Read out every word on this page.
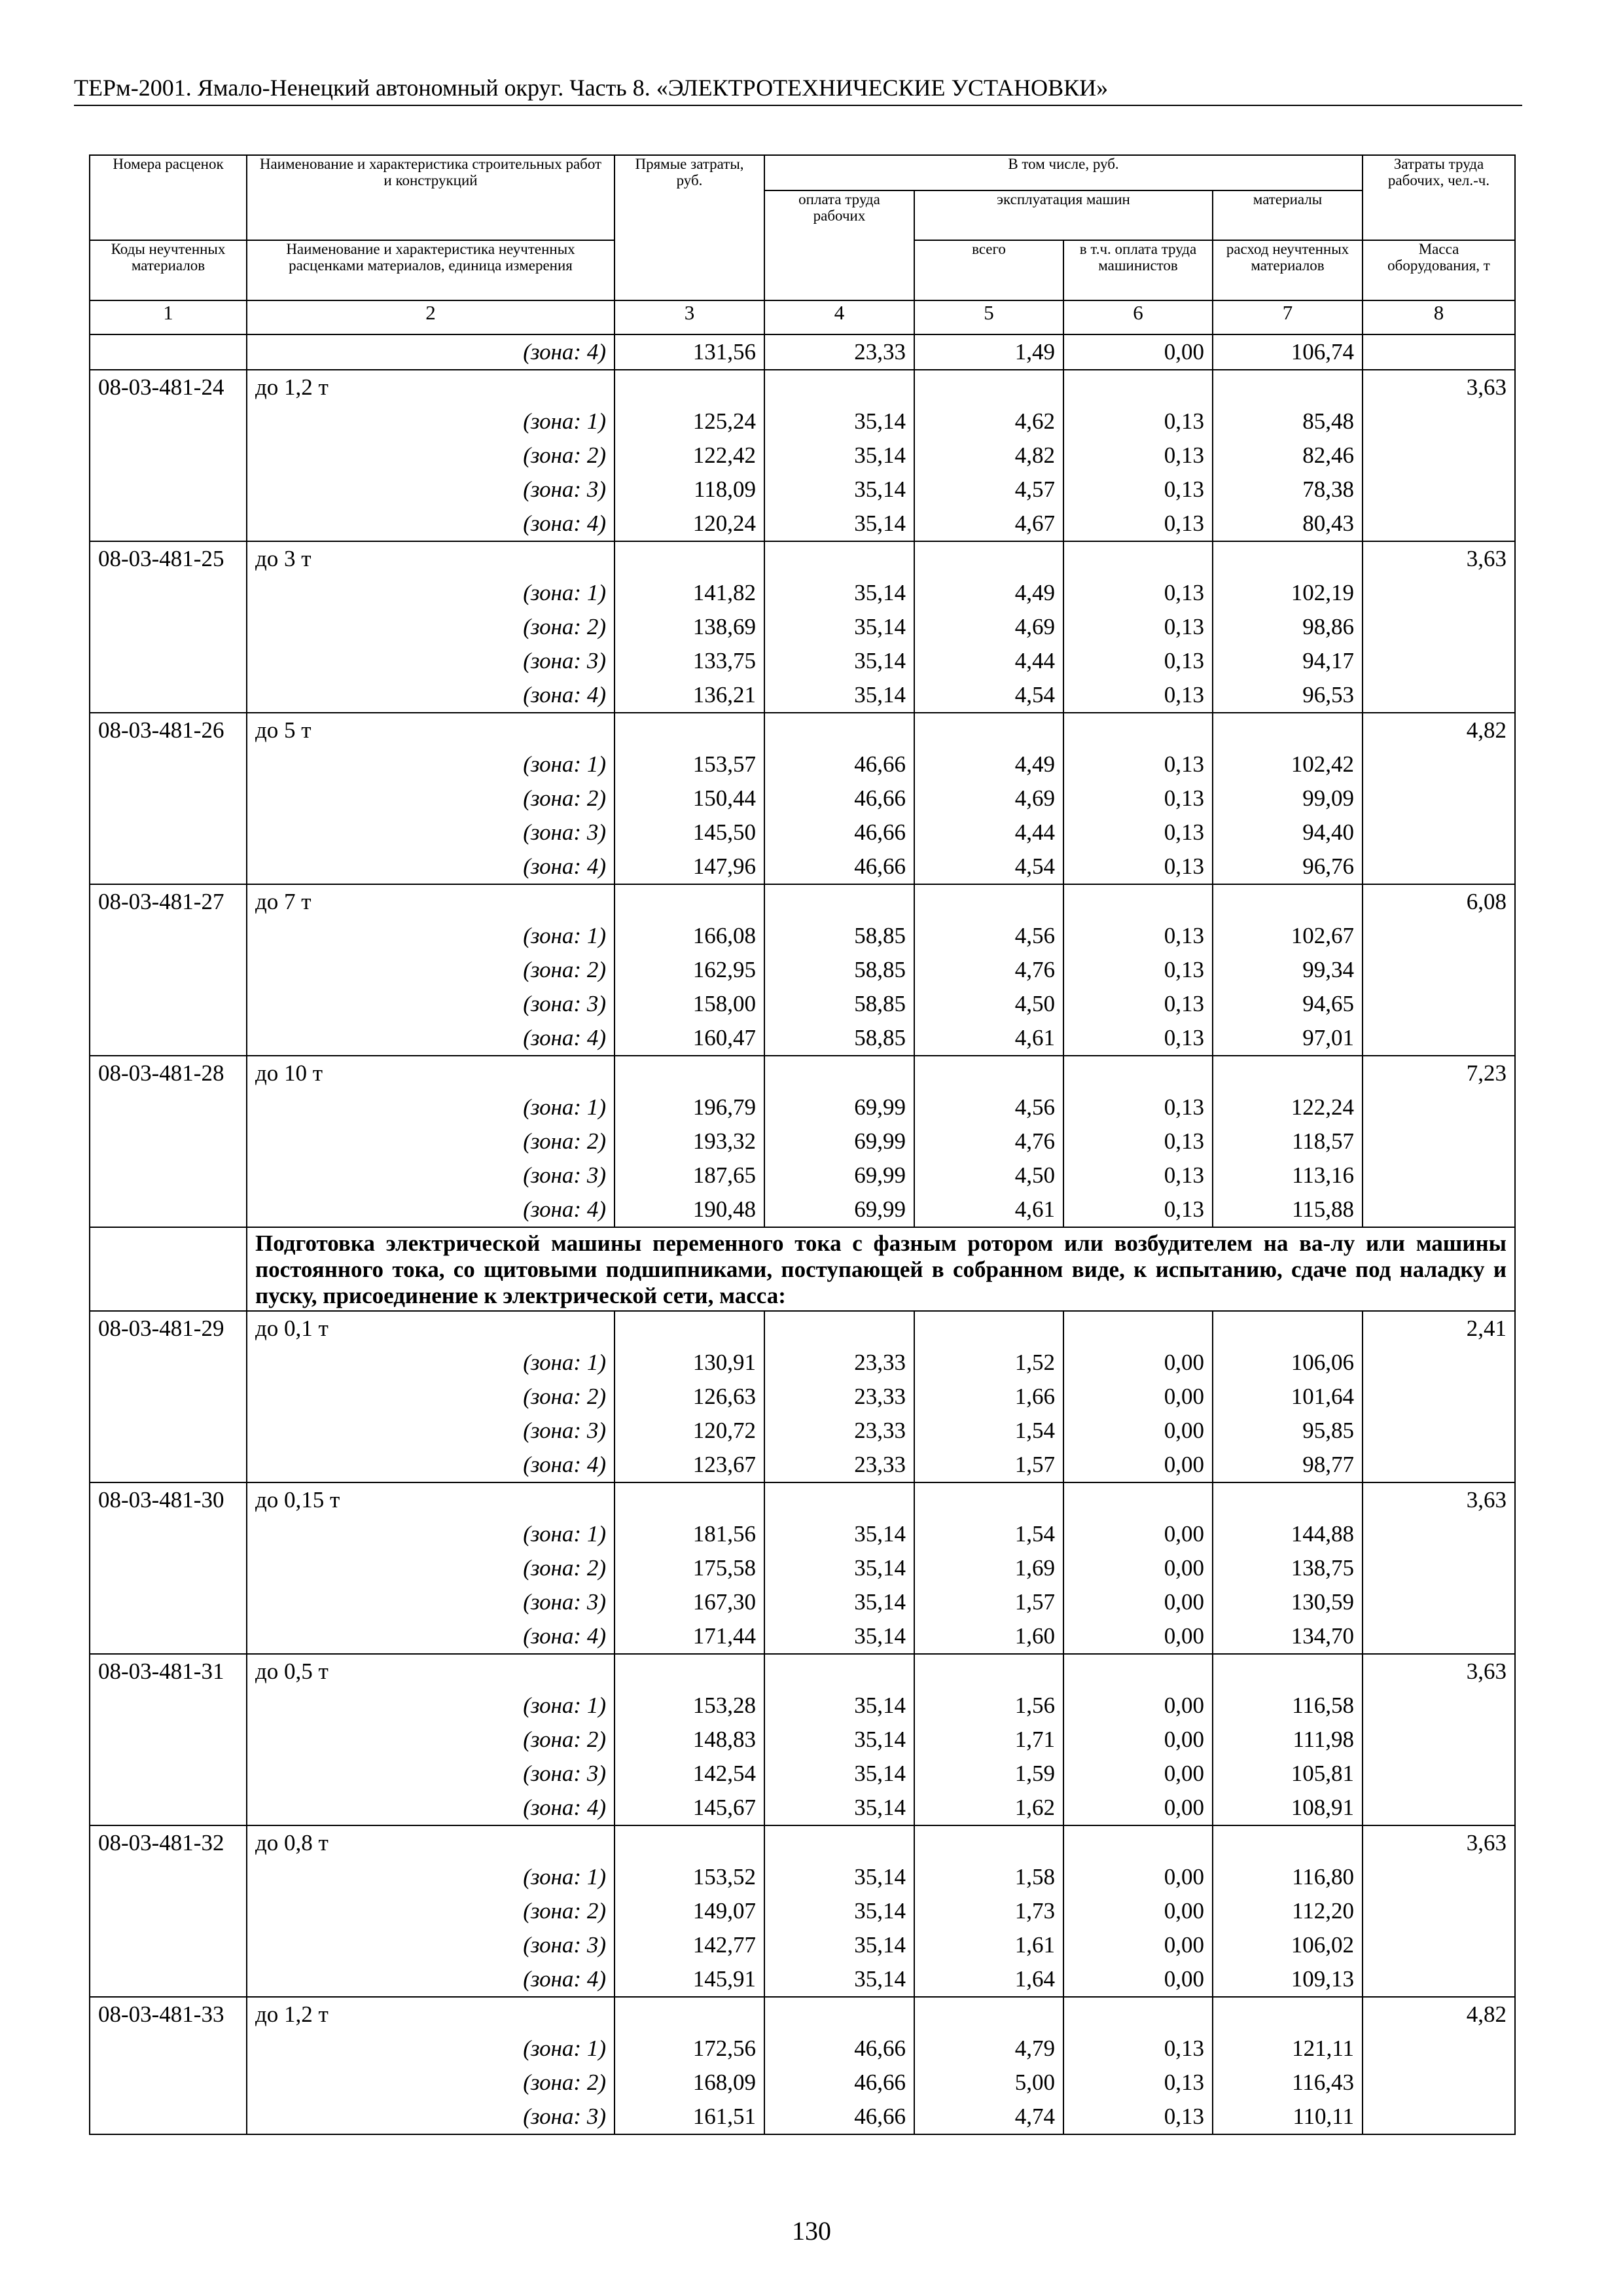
ТЕРм-2001. Ямало-Ненецкий автономный округ. Часть 8. «ЭЛЕКТРОТЕХНИЧЕСКИЕ УСТАНОВКИ»
Номера расценок	Наименование и характеристика строительных работ и конструкций	Прямые затраты, руб.	В том числе, руб.				Затраты труда рабочих, чел.-ч.
			оплата труда рабочих	эксплуатация машин		материалы	
Коды неучтенных материалов	Наименование и характеристика неучтенных расценками материалов, единица измерения			всего	в т.ч. оплата труда машинистов	расход неучтенных материалов	Масса оборудования, т
1	2	3	4	5	6	7	8
	(зона: 4)	131,56	23,33	1,49	0,00	106,74	
08-03-481-24	до 1,2 т						3,63
	(зона: 1)	125,24	35,14	4,62	0,13	85,48	
	(зона: 2)	122,42	35,14	4,82	0,13	82,46	
	(зона: 3)	118,09	35,14	4,57	0,13	78,38	
	(зона: 4)	120,24	35,14	4,67	0,13	80,43	
08-03-481-25	до 3 т						3,63
	(зона: 1)	141,82	35,14	4,49	0,13	102,19	
	(зона: 2)	138,69	35,14	4,69	0,13	98,86	
	(зона: 3)	133,75	35,14	4,44	0,13	94,17	
	(зона: 4)	136,21	35,14	4,54	0,13	96,53	
08-03-481-26	до 5 т						4,82
	(зона: 1)	153,57	46,66	4,49	0,13	102,42	
	(зона: 2)	150,44	46,66	4,69	0,13	99,09	
	(зона: 3)	145,50	46,66	4,44	0,13	94,40	
	(зона: 4)	147,96	46,66	4,54	0,13	96,76	
08-03-481-27	до 7 т						6,08
	(зона: 1)	166,08	58,85	4,56	0,13	102,67	
	(зона: 2)	162,95	58,85	4,76	0,13	99,34	
	(зона: 3)	158,00	58,85	4,50	0,13	94,65	
	(зона: 4)	160,47	58,85	4,61	0,13	97,01	
08-03-481-28	до 10 т						7,23
	(зона: 1)	196,79	69,99	4,56	0,13	122,24	
	(зона: 2)	193,32	69,99	4,76	0,13	118,57	
	(зона: 3)	187,65	69,99	4,50	0,13	113,16	
	(зона: 4)	190,48	69,99	4,61	0,13	115,88	
	Подготовка электрической машины переменного тока с фазным ротором или возбудителем на ва-лу или машины постоянного тока, со щитовыми подшипниками, поступающей в собранном виде, к испытанию, сдаче под наладку и пуску, присоединение к электрической сети, масса:						
08-03-481-29	до 0,1 т						2,41
	(зона: 1)	130,91	23,33	1,52	0,00	106,06	
	(зона: 2)	126,63	23,33	1,66	0,00	101,64	
	(зона: 3)	120,72	23,33	1,54	0,00	95,85	
	(зона: 4)	123,67	23,33	1,57	0,00	98,77	
08-03-481-30	до 0,15 т						3,63
	(зона: 1)	181,56	35,14	1,54	0,00	144,88	
	(зона: 2)	175,58	35,14	1,69	0,00	138,75	
	(зона: 3)	167,30	35,14	1,57	0,00	130,59	
	(зона: 4)	171,44	35,14	1,60	0,00	134,70	
08-03-481-31	до 0,5 т						3,63
	(зона: 1)	153,28	35,14	1,56	0,00	116,58	
	(зона: 2)	148,83	35,14	1,71	0,00	111,98	
	(зона: 3)	142,54	35,14	1,59	0,00	105,81	
	(зона: 4)	145,67	35,14	1,62	0,00	108,91	
08-03-481-32	до 0,8 т						3,63
	(зона: 1)	153,52	35,14	1,58	0,00	116,80	
	(зона: 2)	149,07	35,14	1,73	0,00	112,20	
	(зона: 3)	142,77	35,14	1,61	0,00	106,02	
	(зона: 4)	145,91	35,14	1,64	0,00	109,13	
08-03-481-33	до 1,2 т						4,82
	(зона: 1)	172,56	46,66	4,79	0,13	121,11	
	(зона: 2)	168,09	46,66	5,00	0,13	116,43	
	(зона: 3)	161,51	46,66	4,74	0,13	110,11	
130
